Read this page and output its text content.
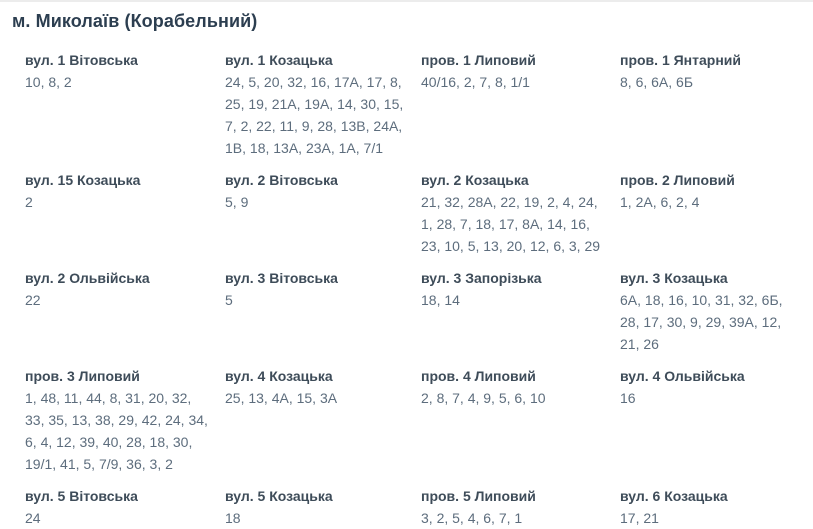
м. Миколаїв (Корабельний)
вул. 1 Вітовська
10, 8, 2
вул. 1 Козацька
24, 5, 20, 32, 16, 17А, 17, 8, 25, 19, 21А, 19А, 14, 30, 15, 7, 2, 22, 11, 9, 28, 13В, 24А, 1В, 18, 13А, 23А, 1А, 7/1
пров. 1 Липовий
40/16, 2, 7, 8, 1/1
пров. 1 Янтарний
8, 6, 6А, 6Б
вул. 15 Козацька
2
вул. 2 Вітовська
5, 9
вул. 2 Козацька
21, 32, 28А, 22, 19, 2, 4, 24, 1, 28, 7, 18, 17, 8А, 14, 16, 23, 10, 5, 13, 20, 12, 6, 3, 29
пров. 2 Липовий
1, 2А, 6, 2, 4
вул. 2 Ольвійська
22
вул. 3 Вітовська
5
вул. 3 Запорізька
18, 14
вул. 3 Козацька
6А, 18, 16, 10, 31, 32, 6Б, 28, 17, 30, 9, 29, 39А, 12, 21, 26
пров. 3 Липовий
1, 48, 11, 44, 8, 31, 20, 32, 33, 35, 13, 38, 29, 42, 24, 34, 6, 4, 12, 39, 40, 28, 18, 30, 19/1, 41, 5, 7/9, 36, 3, 2
вул. 4 Козацька
25, 13, 4А, 15, 3А
пров. 4 Липовий
2, 8, 7, 4, 9, 5, 6, 10
вул. 4 Ольвійська
16
вул. 5 Вітовська
24
вул. 5 Козацька
18
пров. 5 Липовий
3, 2, 5, 4, 6, 7, 1
вул. 6 Козацька
17, 21
